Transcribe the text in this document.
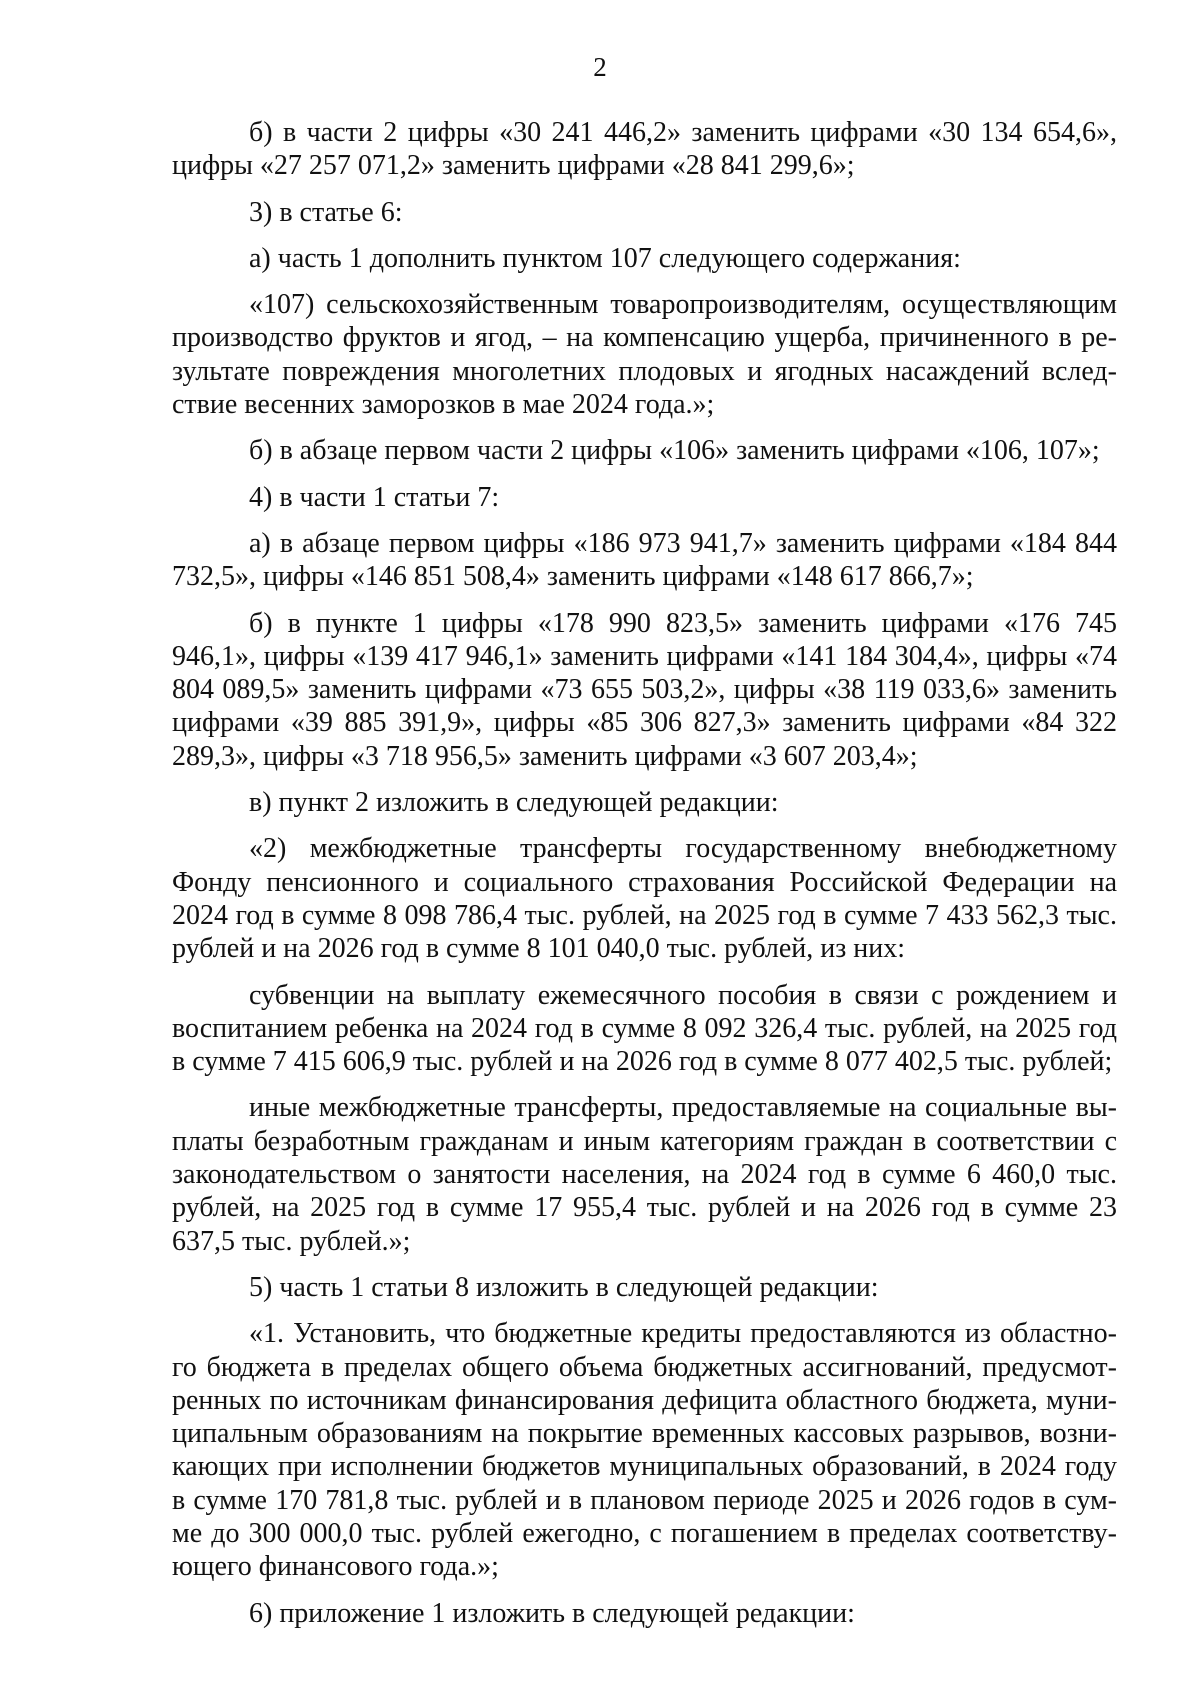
2

б) в части 2 цифры «30 241 446,2» заменить цифрами «30 134 654,6», цифры «27 257 071,2» заменить цифрами «28 841 299,6»;

3) в статье 6:

а) часть 1 дополнить пунктом 107 следующего содержания:

«107) сельскохозяйственным товаропроизводителям, осуществляющим производство фруктов и ягод, – на компенсацию ущерба, причиненного в результате повреждения многолетних плодовых и ягодных насаждений вследствие весенних заморозков в мае 2024 года.»;

б) в абзаце первом части 2 цифры «106» заменить цифрами «106, 107»;

4) в части 1 статьи 7:

а) в абзаце первом цифры «186 973 941,7» заменить цифрами «184 844 732,5», цифры «146 851 508,4» заменить цифрами «148 617 866,7»;

б) в пункте 1 цифры «178 990 823,5» заменить цифрами «176 745 946,1», цифры «139 417 946,1» заменить цифрами «141 184 304,4», цифры «74 804 089,5» заменить цифрами «73 655 503,2», цифры «38 119 033,6» заменить цифрами «39 885 391,9», цифры «85 306 827,3» заменить цифрами «84 322 289,3», цифры «3 718 956,5» заменить цифрами «3 607 203,4»;

в) пункт 2 изложить в следующей редакции:

«2) межбюджетные трансферты государственному внебюджетному Фонду пенсионного и социального страхования Российской Федерации на 2024 год в сумме 8 098 786,4 тыс. рублей, на 2025 год в сумме 7 433 562,3 тыс. рублей и на 2026 год в сумме 8 101 040,0 тыс. рублей, из них:

субвенции на выплату ежемесячного пособия в связи с рождением и воспитанием ребенка на 2024 год в сумме 8 092 326,4 тыс. рублей, на 2025 год в сумме 7 415 606,9 тыс. рублей и на 2026 год в сумме 8 077 402,5 тыс. рублей;

иные межбюджетные трансферты, предоставляемые на социальные выплаты безработным гражданам и иным категориям граждан в соответствии с законодательством о занятости населения, на 2024 год в сумме 6 460,0 тыс. рублей, на 2025 год в сумме 17 955,4 тыс. рублей и на 2026 год в сумме 23 637,5 тыс. рублей.»;

5) часть 1 статьи 8 изложить в следующей редакции:

«1. Установить, что бюджетные кредиты предоставляются из областного бюджета в пределах общего объема бюджетных ассигнований, предусмотренных по источникам финансирования дефицита областного бюджета, муниципальным образованиям на покрытие временных кассовых разрывов, возникающих при исполнении бюджетов муниципальных образований, в 2024 году в сумме 170 781,8 тыс. рублей и в плановом периоде 2025 и 2026 годов в сумме до 300 000,0 тыс. рублей ежегодно, с погашением в пределах соответствующего финансового года.»;

6) приложение 1 изложить в следующей редакции:
